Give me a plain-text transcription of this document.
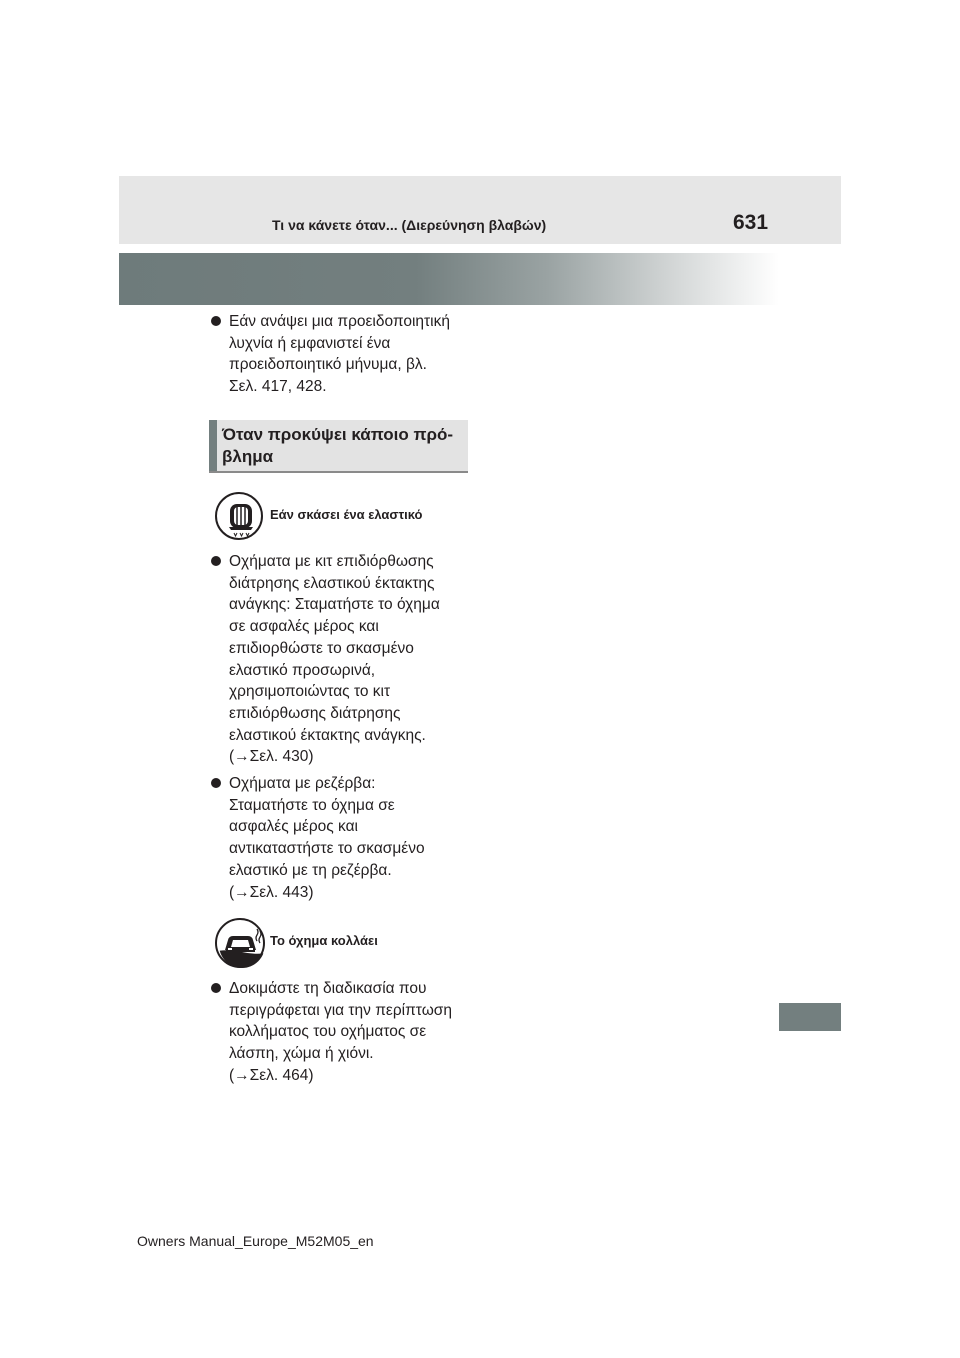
Τι να κάνετε όταν... (Διερεύνηση βλαβών)	631
Εάν ανάψει μια προειδοποιητική
λυχνία ή εμφανιστεί ένα
προειδοποιητικό μήνυμα, βλ.
Σελ. 417, 428.
Όταν προκύψει κάποιο πρό-
βλημα
Εάν σκάσει ένα ελαστικό
Οχήματα με κιτ επιδιόρθωσης
διάτρησης ελαστικού έκτακτης
ανάγκης: Σταματήστε το όχημα
σε ασφαλές μέρος και
επιδιορθώστε το σκασμένο
ελαστικό προσωρινά,
χρησιμοποιώντας το κιτ
επιδιόρθωσης διάτρησης
ελαστικού έκτακτης ανάγκης.
(→Σελ. 430)
Οχήματα με ρεζέρβα:
Σταματήστε το όχημα σε
ασφαλές μέρος και
αντικαταστήστε το σκασμένο
ελαστικό με τη ρεζέρβα.
(→Σελ. 443)
Το όχημα κολλάει
Δοκιμάστε τη διαδικασία που
περιγράφεται για την περίπτωση
κολλήματος του οχήματος σε
λάσπη, χώμα ή χιόνι.
(→Σελ. 464)
Owners Manual_Europe_M52M05_en
